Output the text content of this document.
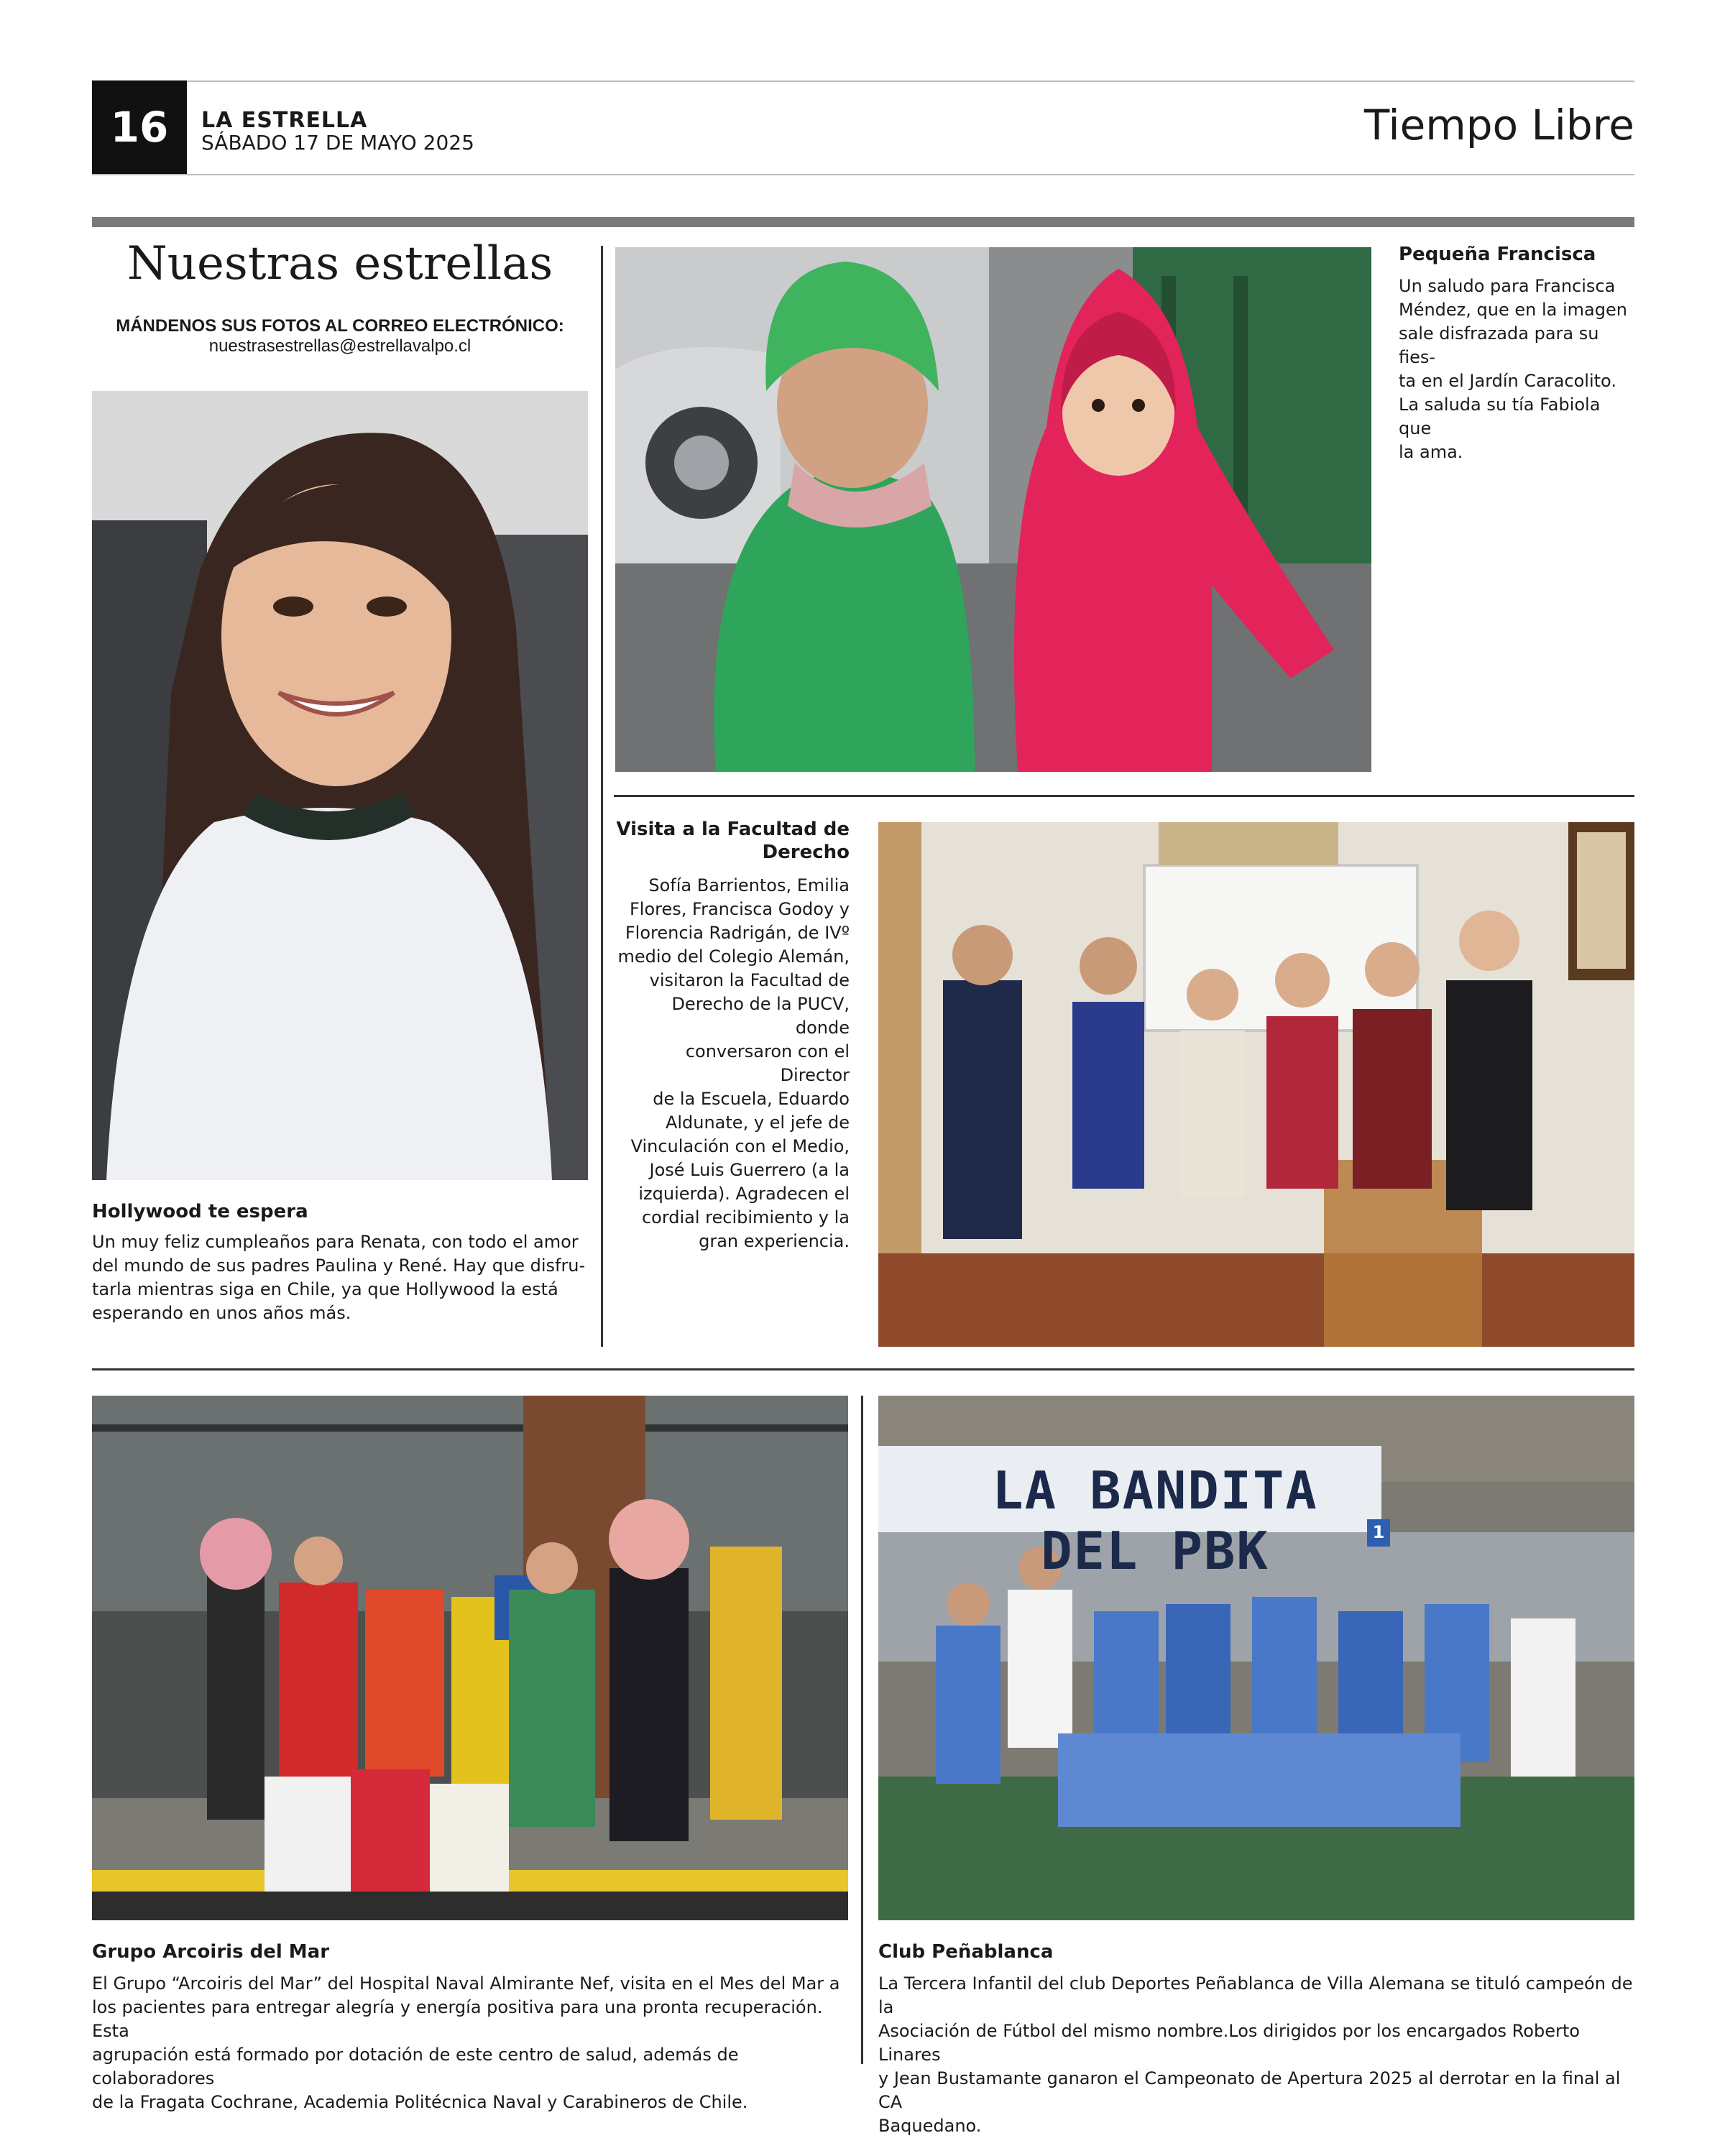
16	LA ESTRELLA
SÁBADO 17 DE MAYO 2025	Tiempo Libre
Nuestras estrellas
MÁNDENOS SUS FOTOS AL CORREO ELECTRÓNICO:
nuestrasestrellas@estrellavalpo.cl
Hollywood te espera
Un muy feliz cumpleaños para Renata, con todo el amor
del mundo de sus padres Paulina y René. Hay que disfru-
tarla mientras siga en Chile, ya que Hollywood la está
esperando en unos años más.
Pequeña Francisca
Un saludo para Francisca
Méndez, que en la imagen
sale disfrazada para su fies-
ta en el Jardín Caracolito.
La saluda su tía Fabiola que
la ama.
Visita a la Facultad de
Derecho
Sofía Barrientos, Emilia
Flores, Francisca Godoy y
Florencia Radrigán, de IVº
medio del Colegio Alemán,
visitaron la Facultad de
Derecho de la PUCV, donde
conversaron con el Director
de la Escuela, Eduardo
Aldunate, y el jefe de
Vinculación con el Medio,
José Luis Guerrero (a la
izquierda). Agradecen el
cordial recibimiento y la
gran experiencia.
Grupo Arcoiris del Mar
El Grupo “Arcoiris del Mar” del Hospital Naval Almirante Nef, visita en el Mes del Mar a
los pacientes para entregar alegría y energía positiva para una pronta recuperación. Esta
agrupación está formado por dotación de este centro de salud, además de colaboradores
de la Fragata Cochrane, Academia Politécnica Naval y Carabineros de Chile.
LA BANDITA DEL PBK	1
Club Peñablanca
La Tercera Infantil del club Deportes Peñablanca de Villa Alemana se tituló campeón de la
Asociación de Fútbol del mismo nombre.Los dirigidos por los encargados Roberto Linares
y Jean Bustamante ganaron el Campeonato de Apertura 2025 al derrotar en la final al CA
Baquedano.
